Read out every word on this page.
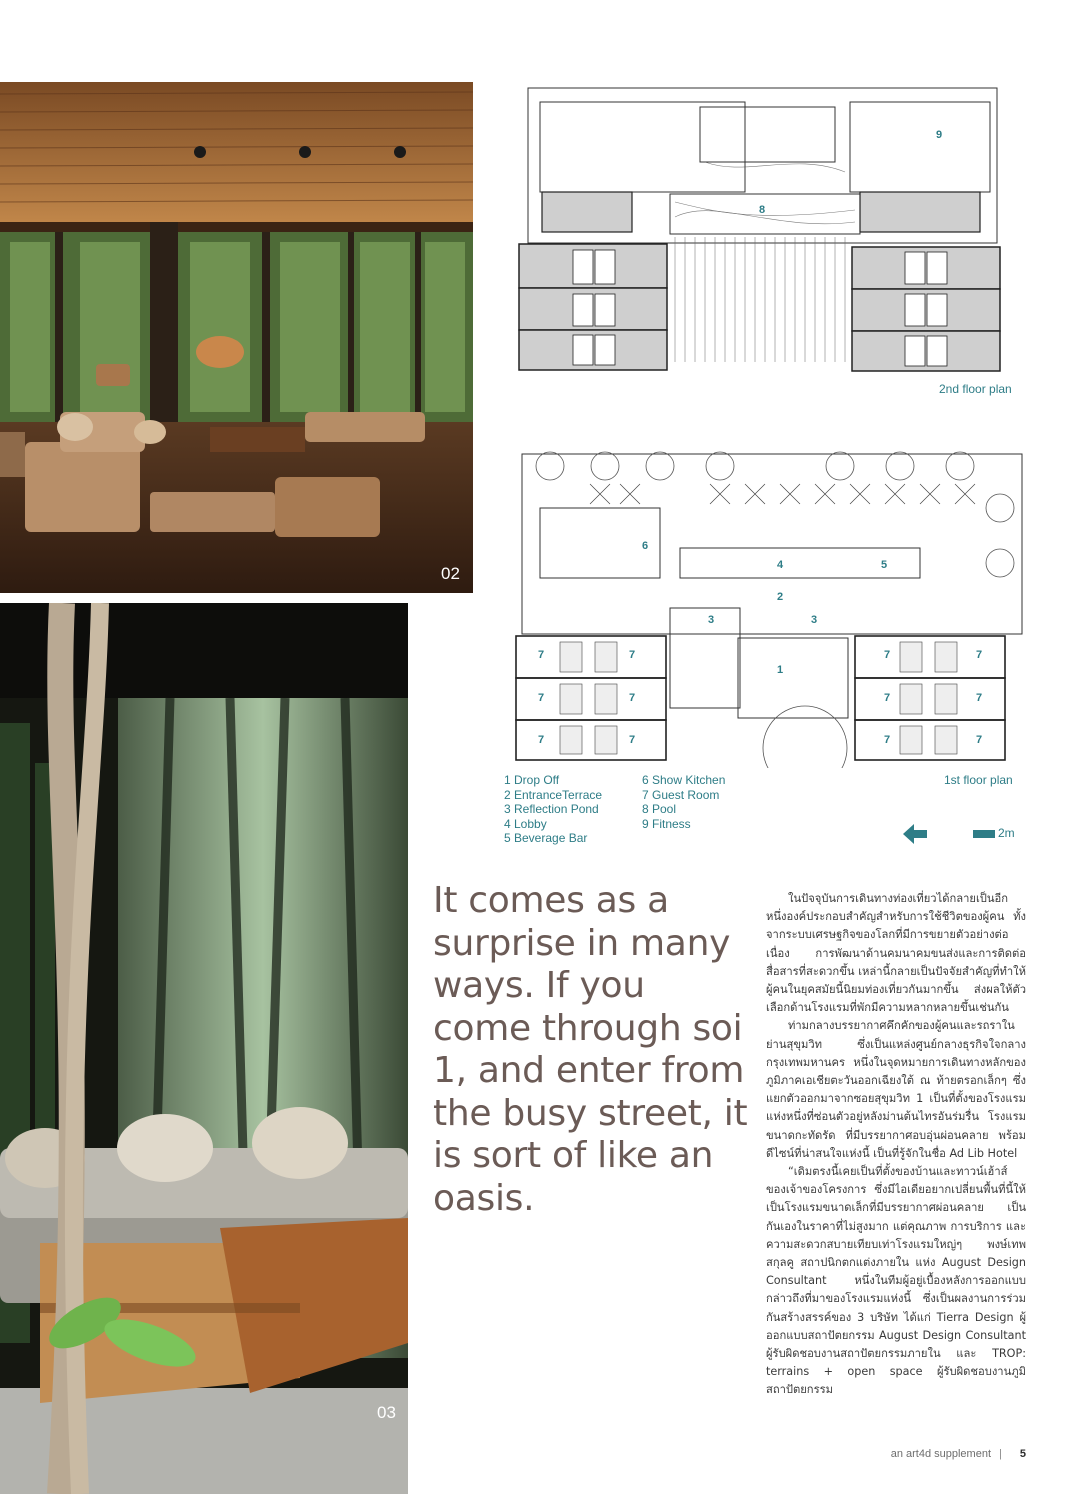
02
03
8
9
2nd floor plan
1
2
3	3
4	5
6
7	7
7	7
7	7
7	7
7	7
7	7
1st floor plan
1 Drop Off
2 EntranceTerrace
3 Reflection Pond
4 Lobby
5 Beverage Bar
6 Show Kitchen
7 Guest Room
8 Pool
9 Fitness
2m
It comes as a surprise in many ways. If you come through soi 1, and enter from the busy street, it is sort of like an oasis.

ในปัจจุบันการเดินทางท่องเที่ยวได้กลายเป็นอีกหนึ่งองค์ประกอบสำคัญสำหรับการใช้ชีวิตของผู้คน ทั้งจากระบบเศรษฐกิจของโลกที่มีการขยายตัวอย่างต่อเนื่อง การพัฒนาด้านคมนาคมขนส่งและการติดต่อสื่อสารที่สะดวกขึ้น เหล่านี้กลายเป็นปัจจัยสำคัญที่ทำให้ผู้คนในยุคสมัยนี้นิยมท่องเที่ยวกันมากขึ้น ส่งผลให้ตัวเลือกด้านโรงแรมที่พักมีความหลากหลายขึ้นเช่นกัน

ท่ามกลางบรรยากาศคึกคักของผู้คนและรถราในย่านสุขุมวิท ซึ่งเป็นแหล่งศูนย์กลางธุรกิจใจกลางกรุงเทพมหานคร หนึ่งในจุดหมายการเดินทางหลักของภูมิภาคเอเชียตะวันออกเฉียงใต้ ณ ท้ายตรอกเล็กๆ ซึ่งแยกตัวออกมาจากซอยสุขุมวิท 1 เป็นที่ตั้งของโรงแรมแห่งหนึ่งที่ซ่อนตัวอยู่หลังม่านต้นไทรอันร่มรื่น โรงแรมขนาดกะทัดรัด ที่มีบรรยากาศอบอุ่นผ่อนคลาย พร้อมดีไซน์ที่น่าสนใจแห่งนี้ เป็นที่รู้จักในชื่อ Ad Lib Hotel

“เดิมตรงนี้เคยเป็นที่ตั้งของบ้านและทาวน์เฮ้าส์ของเจ้าของโครงการ ซึ่งมีไอเดียอยากเปลี่ยนพื้นที่นี้ให้เป็นโรงแรมขนาดเล็กที่มีบรรยากาศผ่อนคลาย เป็นกันเองในราคาที่ไม่สูงมาก แต่คุณภาพ การบริการ และความสะดวกสบายเทียบเท่าโรงแรมใหญ่ๆ พงษ์เทพ สกุลคู สถาปนิกตกแต่งภายใน แห่ง August Design Consultant หนึ่งในทีมผู้อยู่เบื้องหลังการออกแบบ กล่าวถึงที่มาของโรงแรมแห่งนี้ ซึ่งเป็นผลงานการร่วมกันสร้างสรรค์ของ 3 บริษัท ได้แก่ Tierra Design ผู้ออกแบบสถาปัตยกรรม August Design Consultant ผู้รับผิดชอบงานสถาปัตยกรรมภายใน และ TROP: terrains + open space ผู้รับผิดชอบงานภูมิสถาปัตยกรรม

an art4d supplement | 5
